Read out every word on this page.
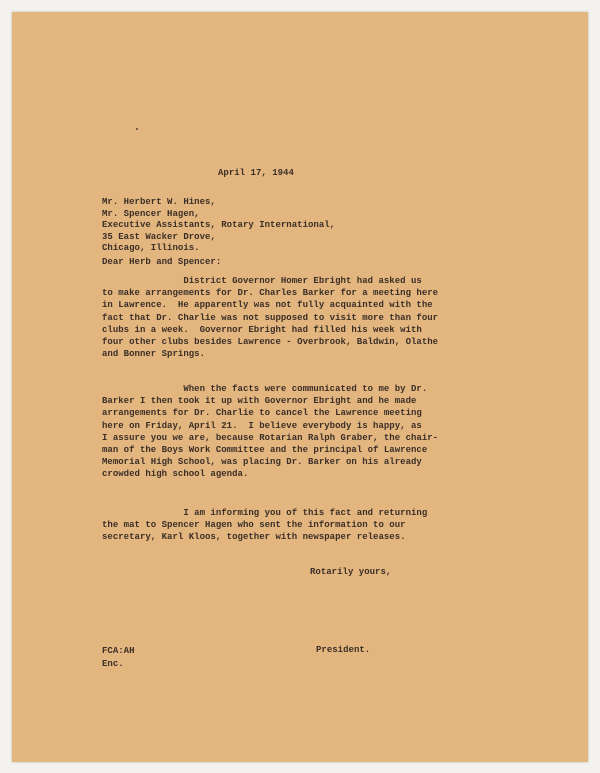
April 17, 1944
Mr. Herbert W. Hines,
Mr. Spencer Hagen,
Executive Assistants, Rotary International,
35 East Wacker Drove,
Chicago, Illinois.
Dear Herb and Spencer:
District Governor Homer Ebright had asked us
to make arrangements for Dr. Charles Barker for a meeting here
in Lawrence.  He apparently was not fully acquainted with the
fact that Dr. Charlie was not supposed to visit more than four
clubs in a week.  Governor Ebright had filled his week with
four other clubs besides Lawrence - Overbrook, Baldwin, Olathe
and Bonner Springs.
When the facts were communicated to me by Dr.
Barker I then took it up with Governor Ebright and he made
arrangements for Dr. Charlie to cancel the Lawrence meeting
here on Friday, April 21.  I believe everybody is happy, as
I assure you we are, because Rotarian Ralph Graber, the chair-
man of the Boys Work Committee and the principal of Lawrence
Memorial High School, was placing Dr. Barker on his already
crowded high school agenda.
I am informing you of this fact and returning
the mat to Spencer Hagen who sent the information to our
secretary, Karl Kloos, together with newspaper releases.
Rotarily yours,
President.
FCA:AH
Enc.
